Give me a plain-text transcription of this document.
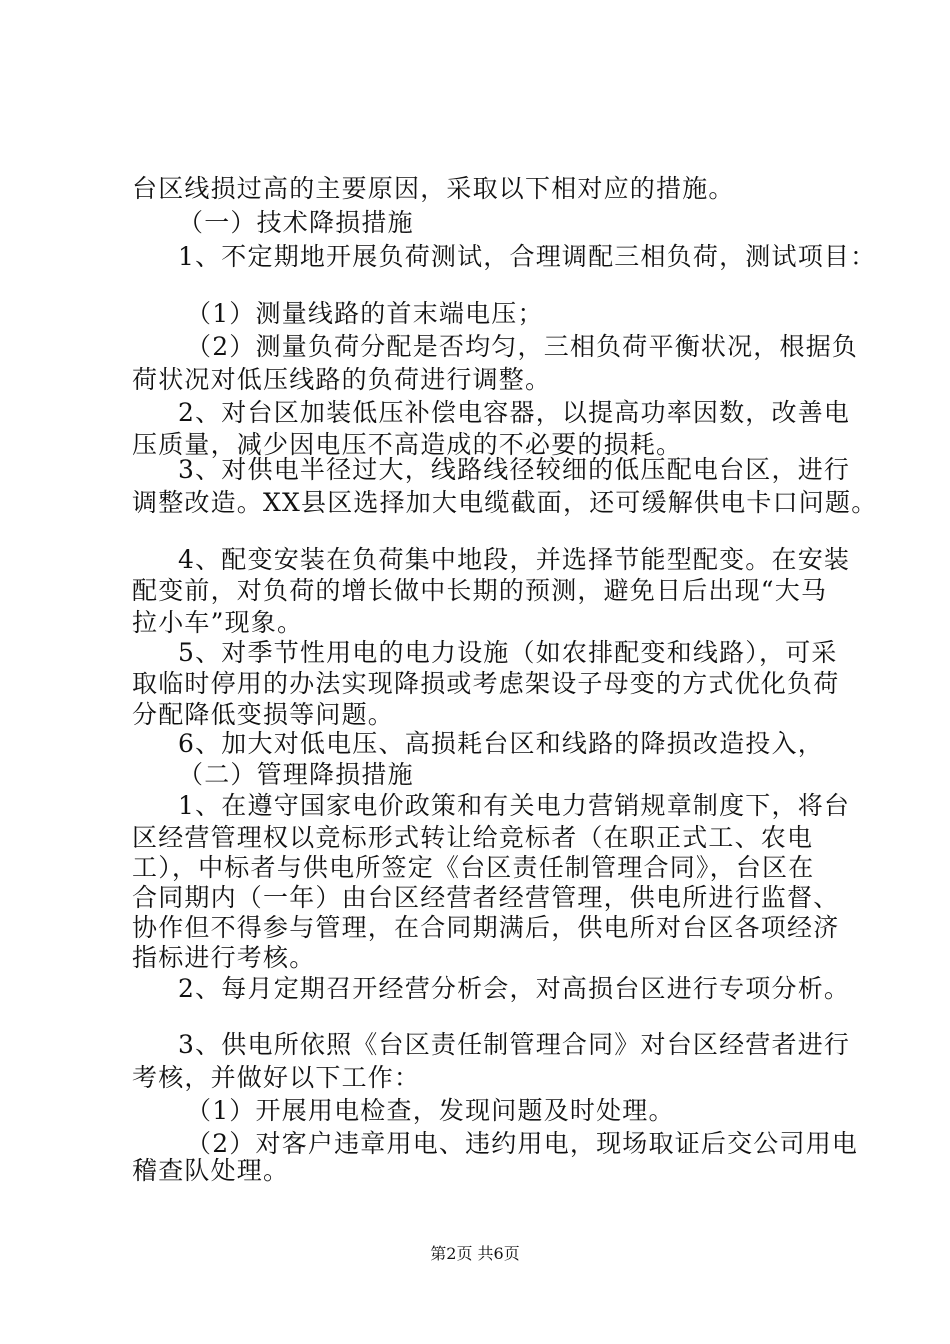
台区线损过高的主要原因，采取以下相对应的措施。
（一）技术降损措施
1、不定期地开展负荷测试，合理调配三相负荷，测试项目：
（1）测量线路的首末端电压；
（2）测量负荷分配是否均匀，三相负荷平衡状况，根据负
荷状况对低压线路的负荷进行调整。
2、对台区加装低压补偿电容器，以提高功率因数，改善电
压质量，减少因电压不高造成的不必要的损耗。
3、对供电半径过大，线路线径较细的低压配电台区，进行
调整改造。XX县区选择加大电缆截面，还可缓解供电卡口问题。
4、配变安装在负荷集中地段，并选择节能型配变。在安装
配变前，对负荷的增长做中长期的预测，避免日后出现“大马
拉小车”现象。
5、对季节性用电的电力设施（如农排配变和线路），可采
取临时停用的办法实现降损或考虑架设子母变的方式优化负荷
分配降低变损等问题。
6、加大对低电压、高损耗台区和线路的降损改造投入，
（二）管理降损措施
1、在遵守国家电价政策和有关电力营销规章制度下，将台
区经营管理权以竞标形式转让给竞标者（在职正式工、农电
工），中标者与供电所签定《台区责任制管理合同》，台区在
合同期内（一年）由台区经营者经营管理，供电所进行监督、
协作但不得参与管理，在合同期满后，供电所对台区各项经济
指标进行考核。
2、每月定期召开经营分析会，对高损台区进行专项分析。
3、供电所依照《台区责任制管理合同》对台区经营者进行
考核，并做好以下工作：
（1）开展用电检查，发现问题及时处理。
（2）对客户违章用电、违约用电，现场取证后交公司用电
稽查队处理。
第2页 共6页
